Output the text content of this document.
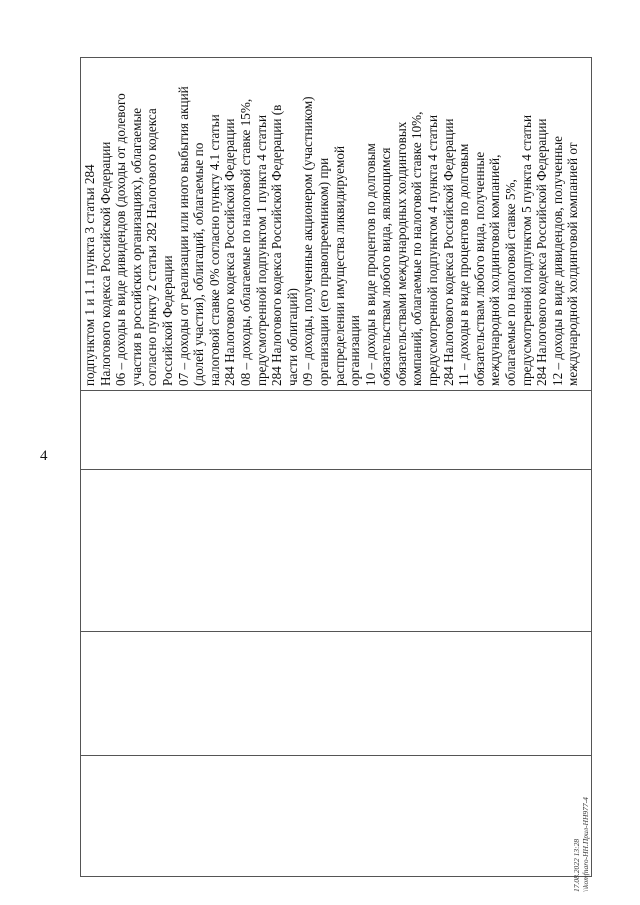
4
подпунктом 1 и 1.1 пункта 3 статьи 284 Налогового кодекса Российской Федерации 06 – доходы в виде дивидендов (доходы от долевого участия в российских организациях), облагаемые согласно пункту 2 статьи 282 Налогового кодекса Российской Федерации 07 – доходы от реализации или иного выбытия акций (долей участия), облигаций, облагаемые по налоговой ставке 0% согласно пункту 4.1 статьи 284 Налогового кодекса Российской Федерации 08 – доходы, облагаемые по налоговой ставке 15%, предусмотренной подпунктом 1 пункта 4 статьи 284 Налогового кодекса Российской Федерации (в части облигаций) 09 – доходы, полученные акционером (участником) организации (его правопреемником) при распределении имущества ликвидируемой организации 10 – доходы в виде процентов по долговым обязательствам любого вида, являющимся обязательствами международных холдинговых компаний, облагаемые по налоговой ставке 10%, предусмотренной подпунктом 4 пункта 4 статьи 284 Налогового кодекса Российской Федерации 11 – доходы в виде процентов по долговым обязательствам любого вида, полученные международной холдинговой компанией, облагаемые по налоговой ставке 5%, предусмотренной подпунктом 5 пункта 4 статьи 284 Налогового кодекса Российской Федерации 12 – доходы в виде дивидендов, полученные международной холдинговой компанией от
17.08.2022 13:28 \\komfnaro-HH.Прил-HH977-4
